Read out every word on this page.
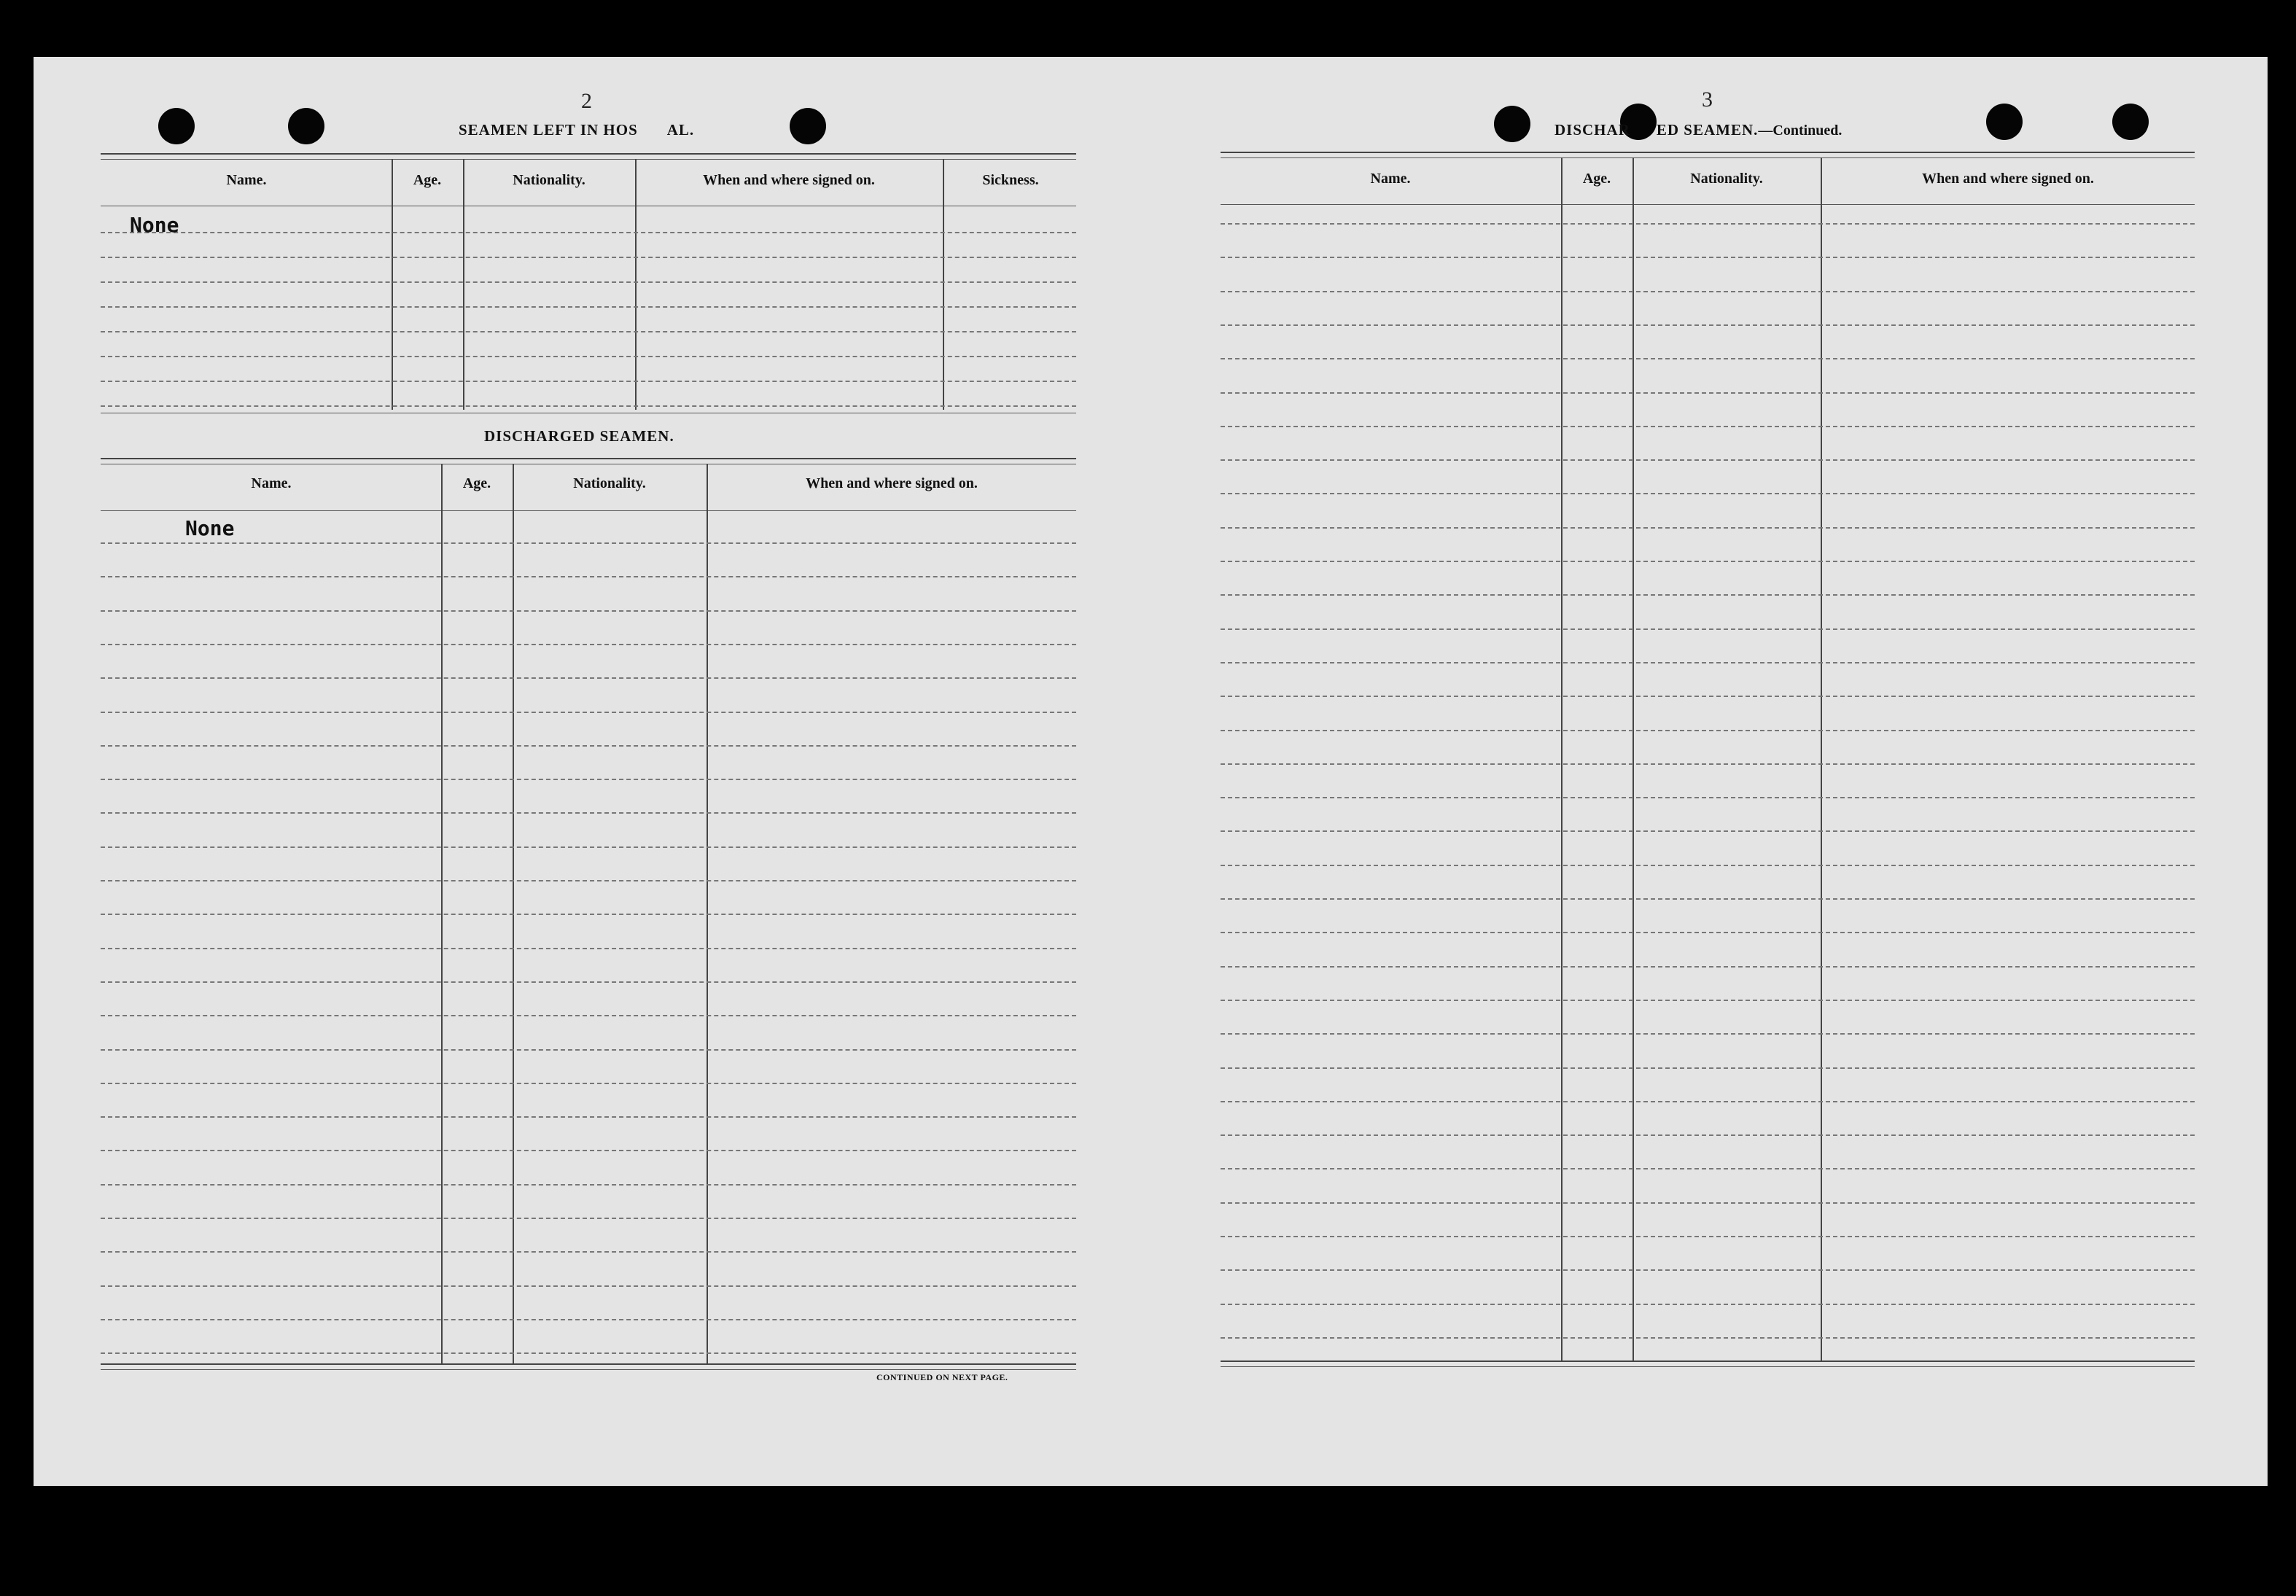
2
SEAMEN LEFT IN HOS AL.
Name.	Age.	Nationality.	When and where signed on.	Sickness.
None
DISCHARGED SEAMEN.
Name.	Age.	Nationality.	When and where signed on.
None
CONTINUED ON NEXT PAGE.
3
DISCHAR ED SEAMEN.—Continued.
Name.	Age.	Nationality.	When and where signed on.
